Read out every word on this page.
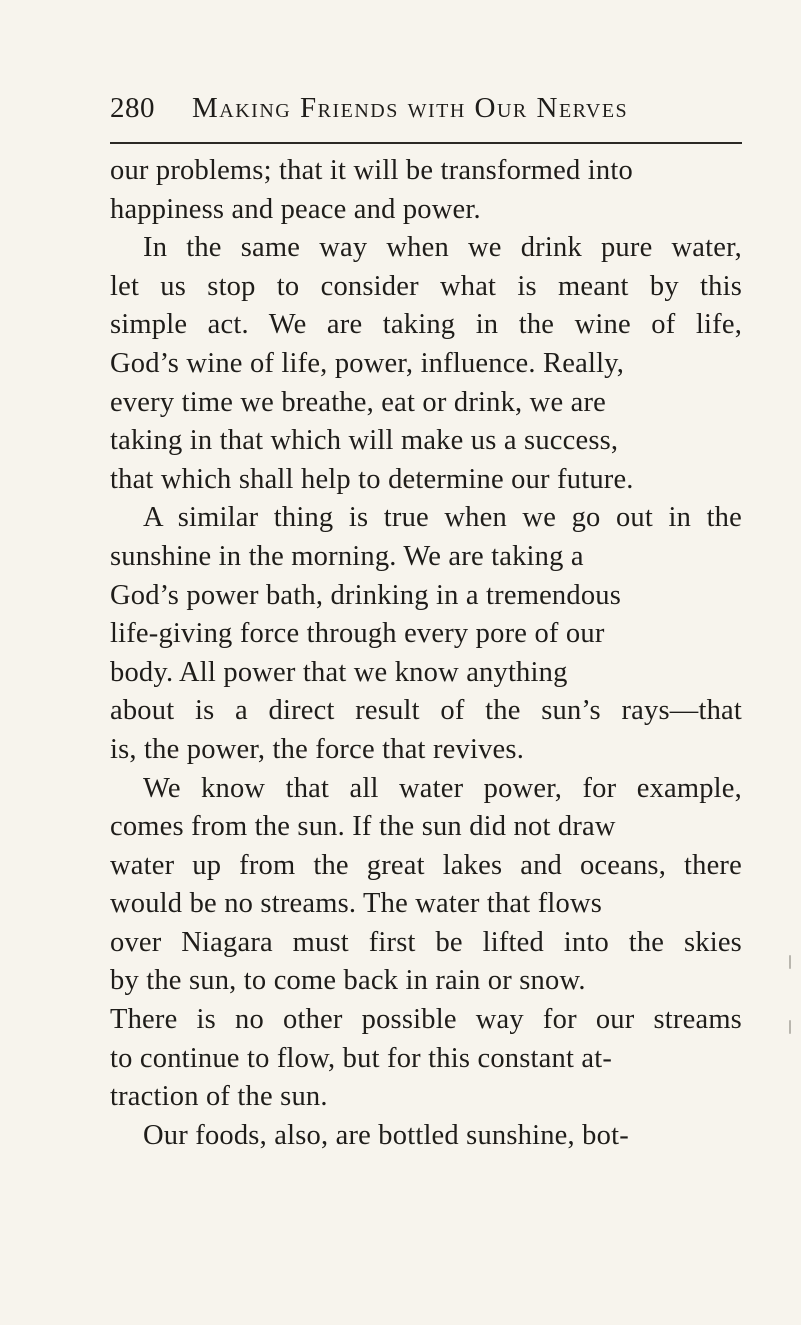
280 Making Friends with Our Nerves
our problems; that it will be transformed into
happiness and peace and power.
In the same way when we drink pure water,
let us stop to consider what is meant by this
simple act. We are taking in the wine of life,
God’s wine of life, power, influence. Really,
every time we breathe, eat or drink, we are
taking in that which will make us a success,
that which shall help to determine our future.
A similar thing is true when we go out in the
sunshine in the morning. We are taking a
God’s power bath, drinking in a tremendous
life-giving force through every pore of our
body. All power that we know anything
about is a direct result of the sun’s rays—that
is, the power, the force that revives.
We know that all water power, for example,
comes from the sun. If the sun did not draw
water up from the great lakes and oceans, there
would be no streams. The water that flows
over Niagara must first be lifted into the skies
by the sun, to come back in rain or snow.
There is no other possible way for our streams
to continue to flow, but for this constant at-
traction of the sun.
Our foods, also, are bottled sunshine, bot-
